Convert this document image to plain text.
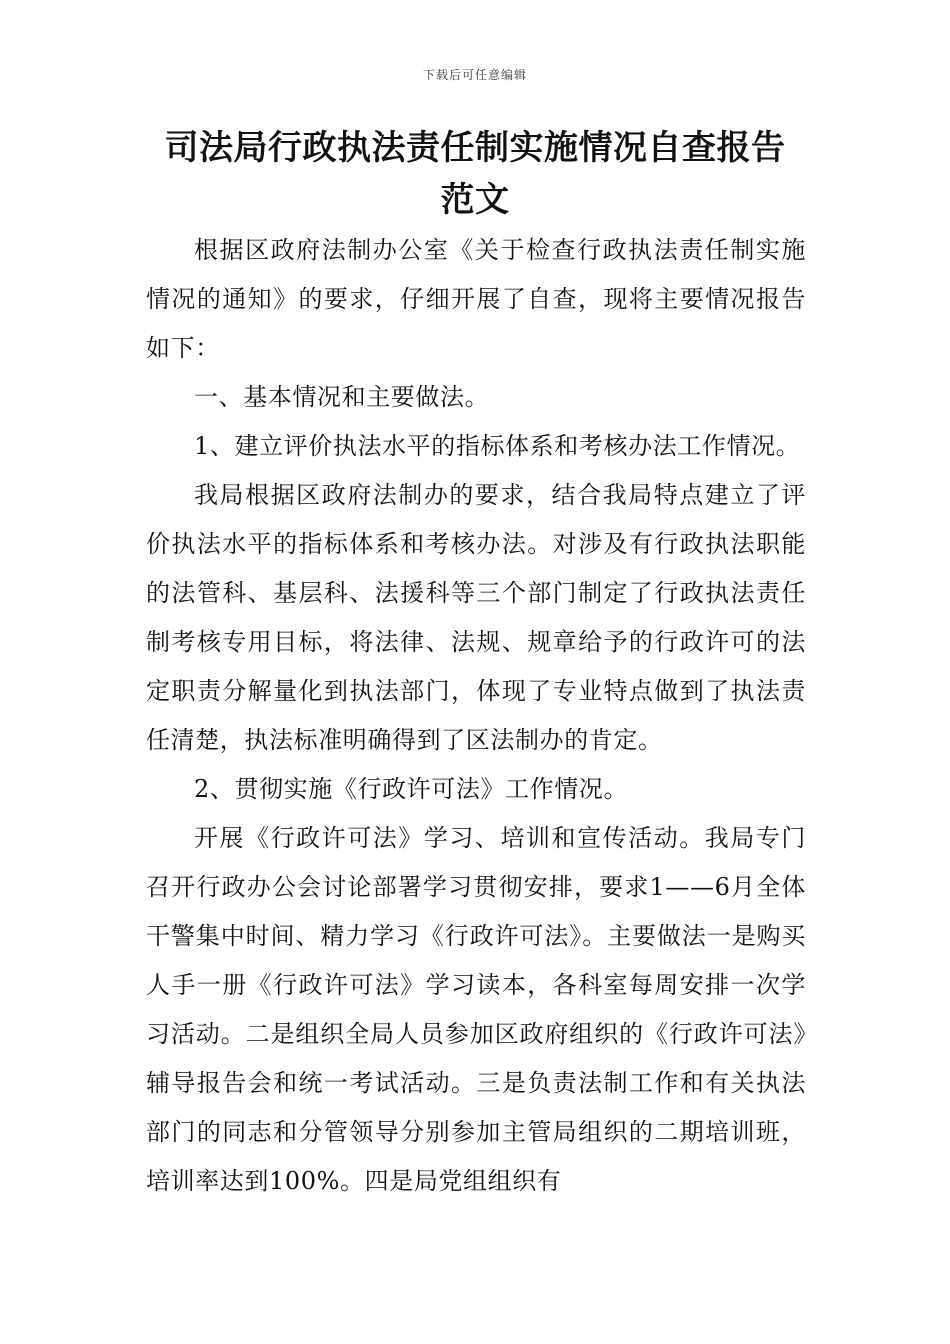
下载后可任意编辑
司法局行政执法责任制实施情况自查报告
范文

根据区政府法制办公室《关于检查行政执法责任制实施情况的通知》的要求，仔细开展了自查，现将主要情况报告如下：

一、基本情况和主要做法。

1、建立评价执法水平的指标体系和考核办法工作情况。

我局根据区政府法制办的要求，结合我局特点建立了评价执法水平的指标体系和考核办法。对涉及有行政执法职能的法管科、基层科、法援科等三个部门制定了行政执法责任制考核专用目标，将法律、法规、规章给予的行政许可的法定职责分解量化到执法部门，体现了专业特点做到了执法责任清楚，执法标准明确得到了区法制办的肯定。

2、贯彻实施《行政许可法》工作情况。

开展《行政许可法》学习、培训和宣传活动。我局专门召开行政办公会讨论部署学习贯彻安排，要求1——6月全体干警集中时间、精力学习《行政许可法》。主要做法一是购买人手一册《行政许可法》学习读本，各科室每周安排一次学习活动。二是组织全局人员参加区政府组织的《行政许可法》辅导报告会和统一考试活动。三是负责法制工作和有关执法部门的同志和分管领导分别参加主管局组织的二期培训班，培训率达到100%。四是局党组组织有
